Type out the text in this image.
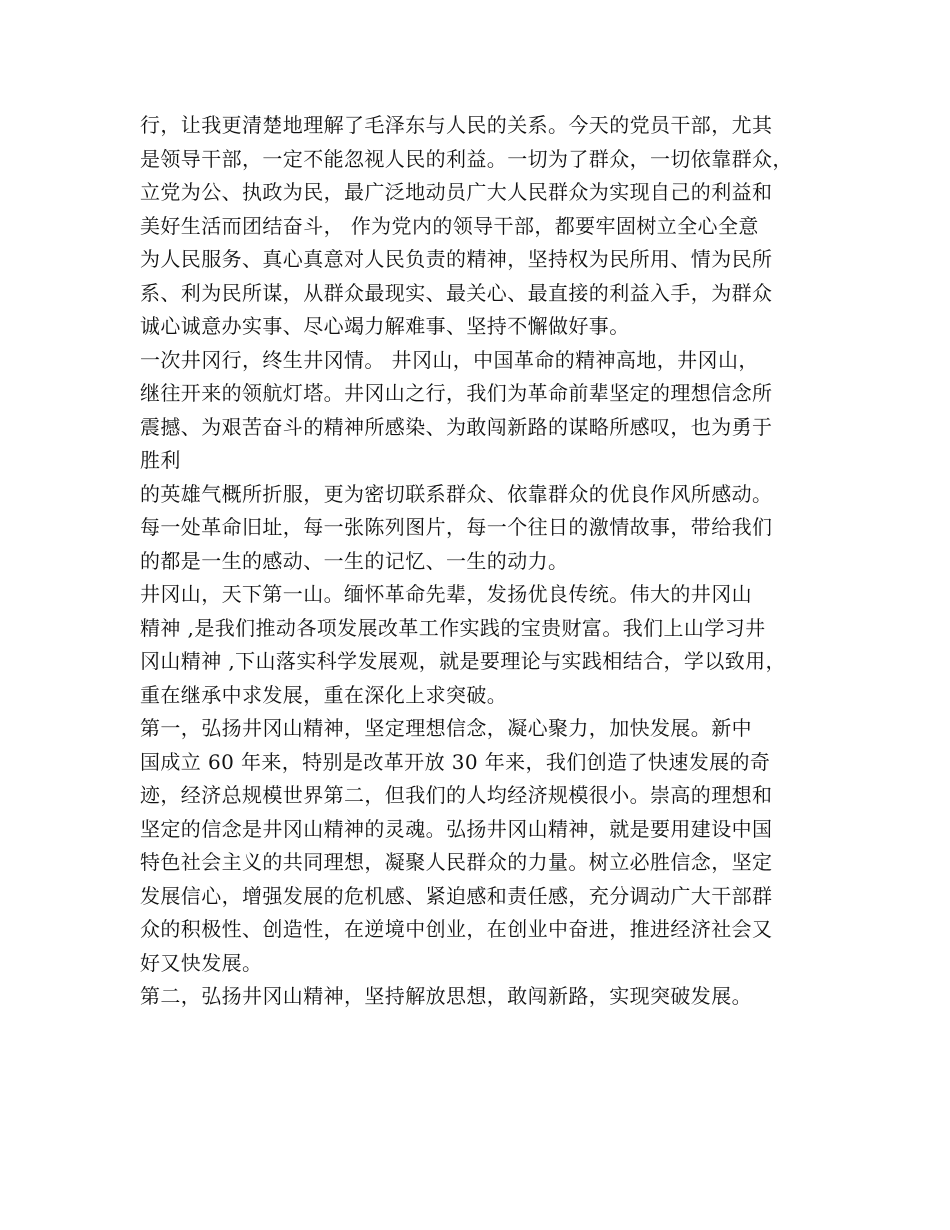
行，让我更清楚地理解了毛泽东与人民的关系。今天的党员干部，尤其
是领导干部，一定不能忽视人民的利益。一切为了群众，一切依靠群众，
立党为公、执政为民，最广泛地动员广大人民群众为实现自己的利益和
美好生活而团结奋斗， 作为党内的领导干部，都要牢固树立全心全意
为人民服务、真心真意对人民负责的精神，坚持权为民所用、情为民所
系、利为民所谋，从群众最现实、最关心、最直接的利益入手，为群众
诚心诚意办实事、尽心竭力解难事、坚持不懈做好事。
一次井冈行，终生井冈情。 井冈山，中国革命的精神高地，井冈山，
继往开来的领航灯塔。井冈山之行，我们为革命前辈坚定的理想信念所
震撼、为艰苦奋斗的精神所感染、为敢闯新路的谋略所感叹，也为勇于
胜利
的英雄气概所折服，更为密切联系群众、依靠群众的优良作风所感动。
每一处革命旧址，每一张陈列图片，每一个往日的激情故事，带给我们
的都是一生的感动、一生的记忆、一生的动力。
井冈山，天下第一山。缅怀革命先辈，发扬优良传统。伟大的井冈山
精神 ,是我们推动各项发展改革工作实践的宝贵财富。我们上山学习井
冈山精神 ,下山落实科学发展观，就是要理论与实践相结合，学以致用，
重在继承中求发展，重在深化上求突破。
第一，弘扬井冈山精神，坚定理想信念，凝心聚力，加快发展。新中
国成立 60 年来，特别是改革开放 30 年来，我们创造了快速发展的奇
迹，经济总规模世界第二，但我们的人均经济规模很小。崇高的理想和
坚定的信念是井冈山精神的灵魂。弘扬井冈山精神，就是要用建设中国
特色社会主义的共同理想，凝聚人民群众的力量。树立必胜信念，坚定
发展信心，增强发展的危机感、紧迫感和责任感，充分调动广大干部群
众的积极性、创造性，在逆境中创业，在创业中奋进，推进经济社会又
好又快发展。
第二，弘扬井冈山精神，坚持解放思想，敢闯新路，实现突破发展。
